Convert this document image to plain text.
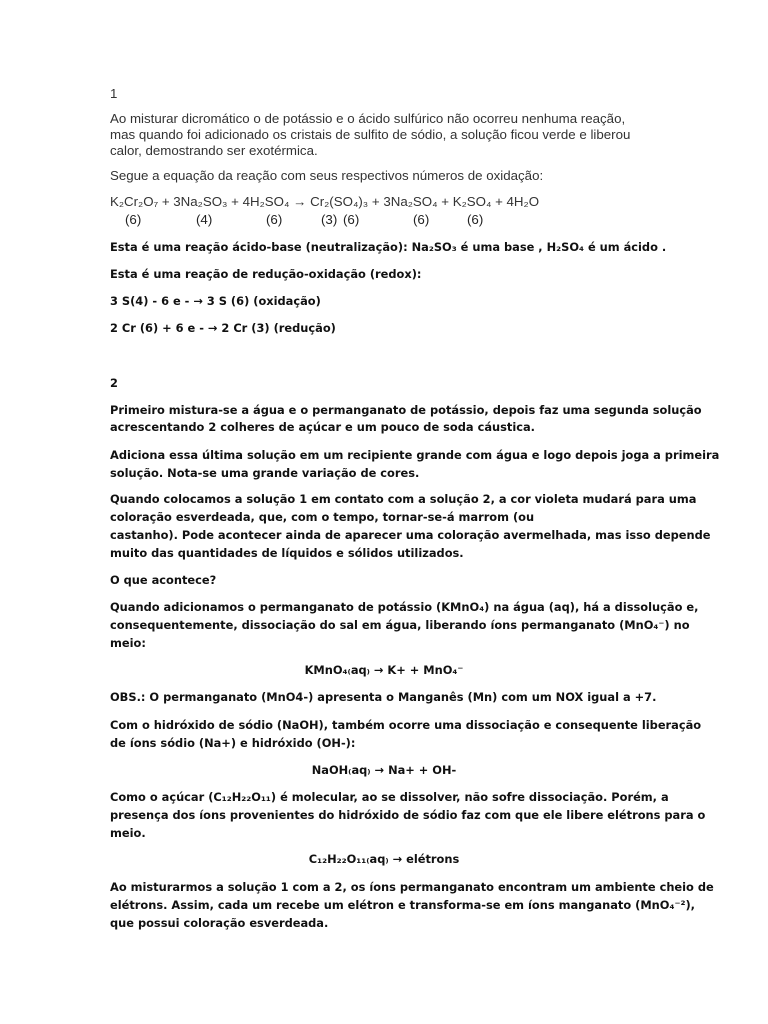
1
Ao misturar dicromático o de potássio e o ácido sulfúrico não ocorreu nenhuma reação,
mas quando foi adicionado os cristais de sulfito de sódio, a solução ficou verde e liberou
calor, demostrando ser exotérmica.
Segue a equação da reação com seus respectivos números de oxidação:
K₂Cr₂O₇ + 3Na₂SO₃ + 4H₂SO₄ → Cr₂(SO₄)₃ + 3Na₂SO₄ + K₂SO₄ + 4H₂O
(6)	(4)	(6)	(3) (6)	(6)	(6)
Esta é uma reação ácido-base (neutralização): Na₂SO₃ é uma base , H₂SO₄ é um ácido .
Esta é uma reação de redução-oxidação (redox):
3 S(4) - 6 e - → 3 S (6) (oxidação)
2 Cr (6) + 6 e - → 2 Cr (3) (redução)
2
Primeiro mistura-se a água e o permanganato de potássio, depois faz uma segunda solução
acrescentando 2 colheres de açúcar e um pouco de soda cáustica.
Adiciona essa última solução em um recipiente grande com água e logo depois joga a primeira
solução. Nota-se uma grande variação de cores.
Quando colocamos a solução 1 em contato com a solução 2, a cor violeta mudará para uma
coloração esverdeada, que, com o tempo, tornar-se-á marrom (ou
castanho). Pode acontecer ainda de aparecer uma coloração avermelhada, mas isso depende
muito das quantidades de líquidos e sólidos utilizados.
O que acontece?
Quando adicionamos o permanganato de potássio (KMnO₄) na água (aq), há a dissolução e,
consequentemente, dissociação do sal em água, liberando íons permanganato (MnO₄⁻) no
meio:
KMnO₄₍aq₎ → K+ + MnO₄⁻
OBS.: O permanganato (MnO4-) apresenta o Manganês (Mn) com um NOX igual a +7.
Com o hidróxido de sódio (NaOH), também ocorre uma dissociação e consequente liberação
de íons sódio (Na+) e hidróxido (OH-):
NaOH₍aq₎ → Na+ + OH-
Como o açúcar (C₁₂H₂₂O₁₁) é molecular, ao se dissolver, não sofre dissociação. Porém, a
presença dos íons provenientes do hidróxido de sódio faz com que ele libere elétrons para o
meio.
C₁₂H₂₂O₁₁₍aq₎ → elétrons
Ao misturarmos a solução 1 com a 2, os íons permanganato encontram um ambiente cheio de
elétrons. Assim, cada um recebe um elétron e transforma-se em íons manganato (MnO₄⁻²),
que possui coloração esverdeada.
